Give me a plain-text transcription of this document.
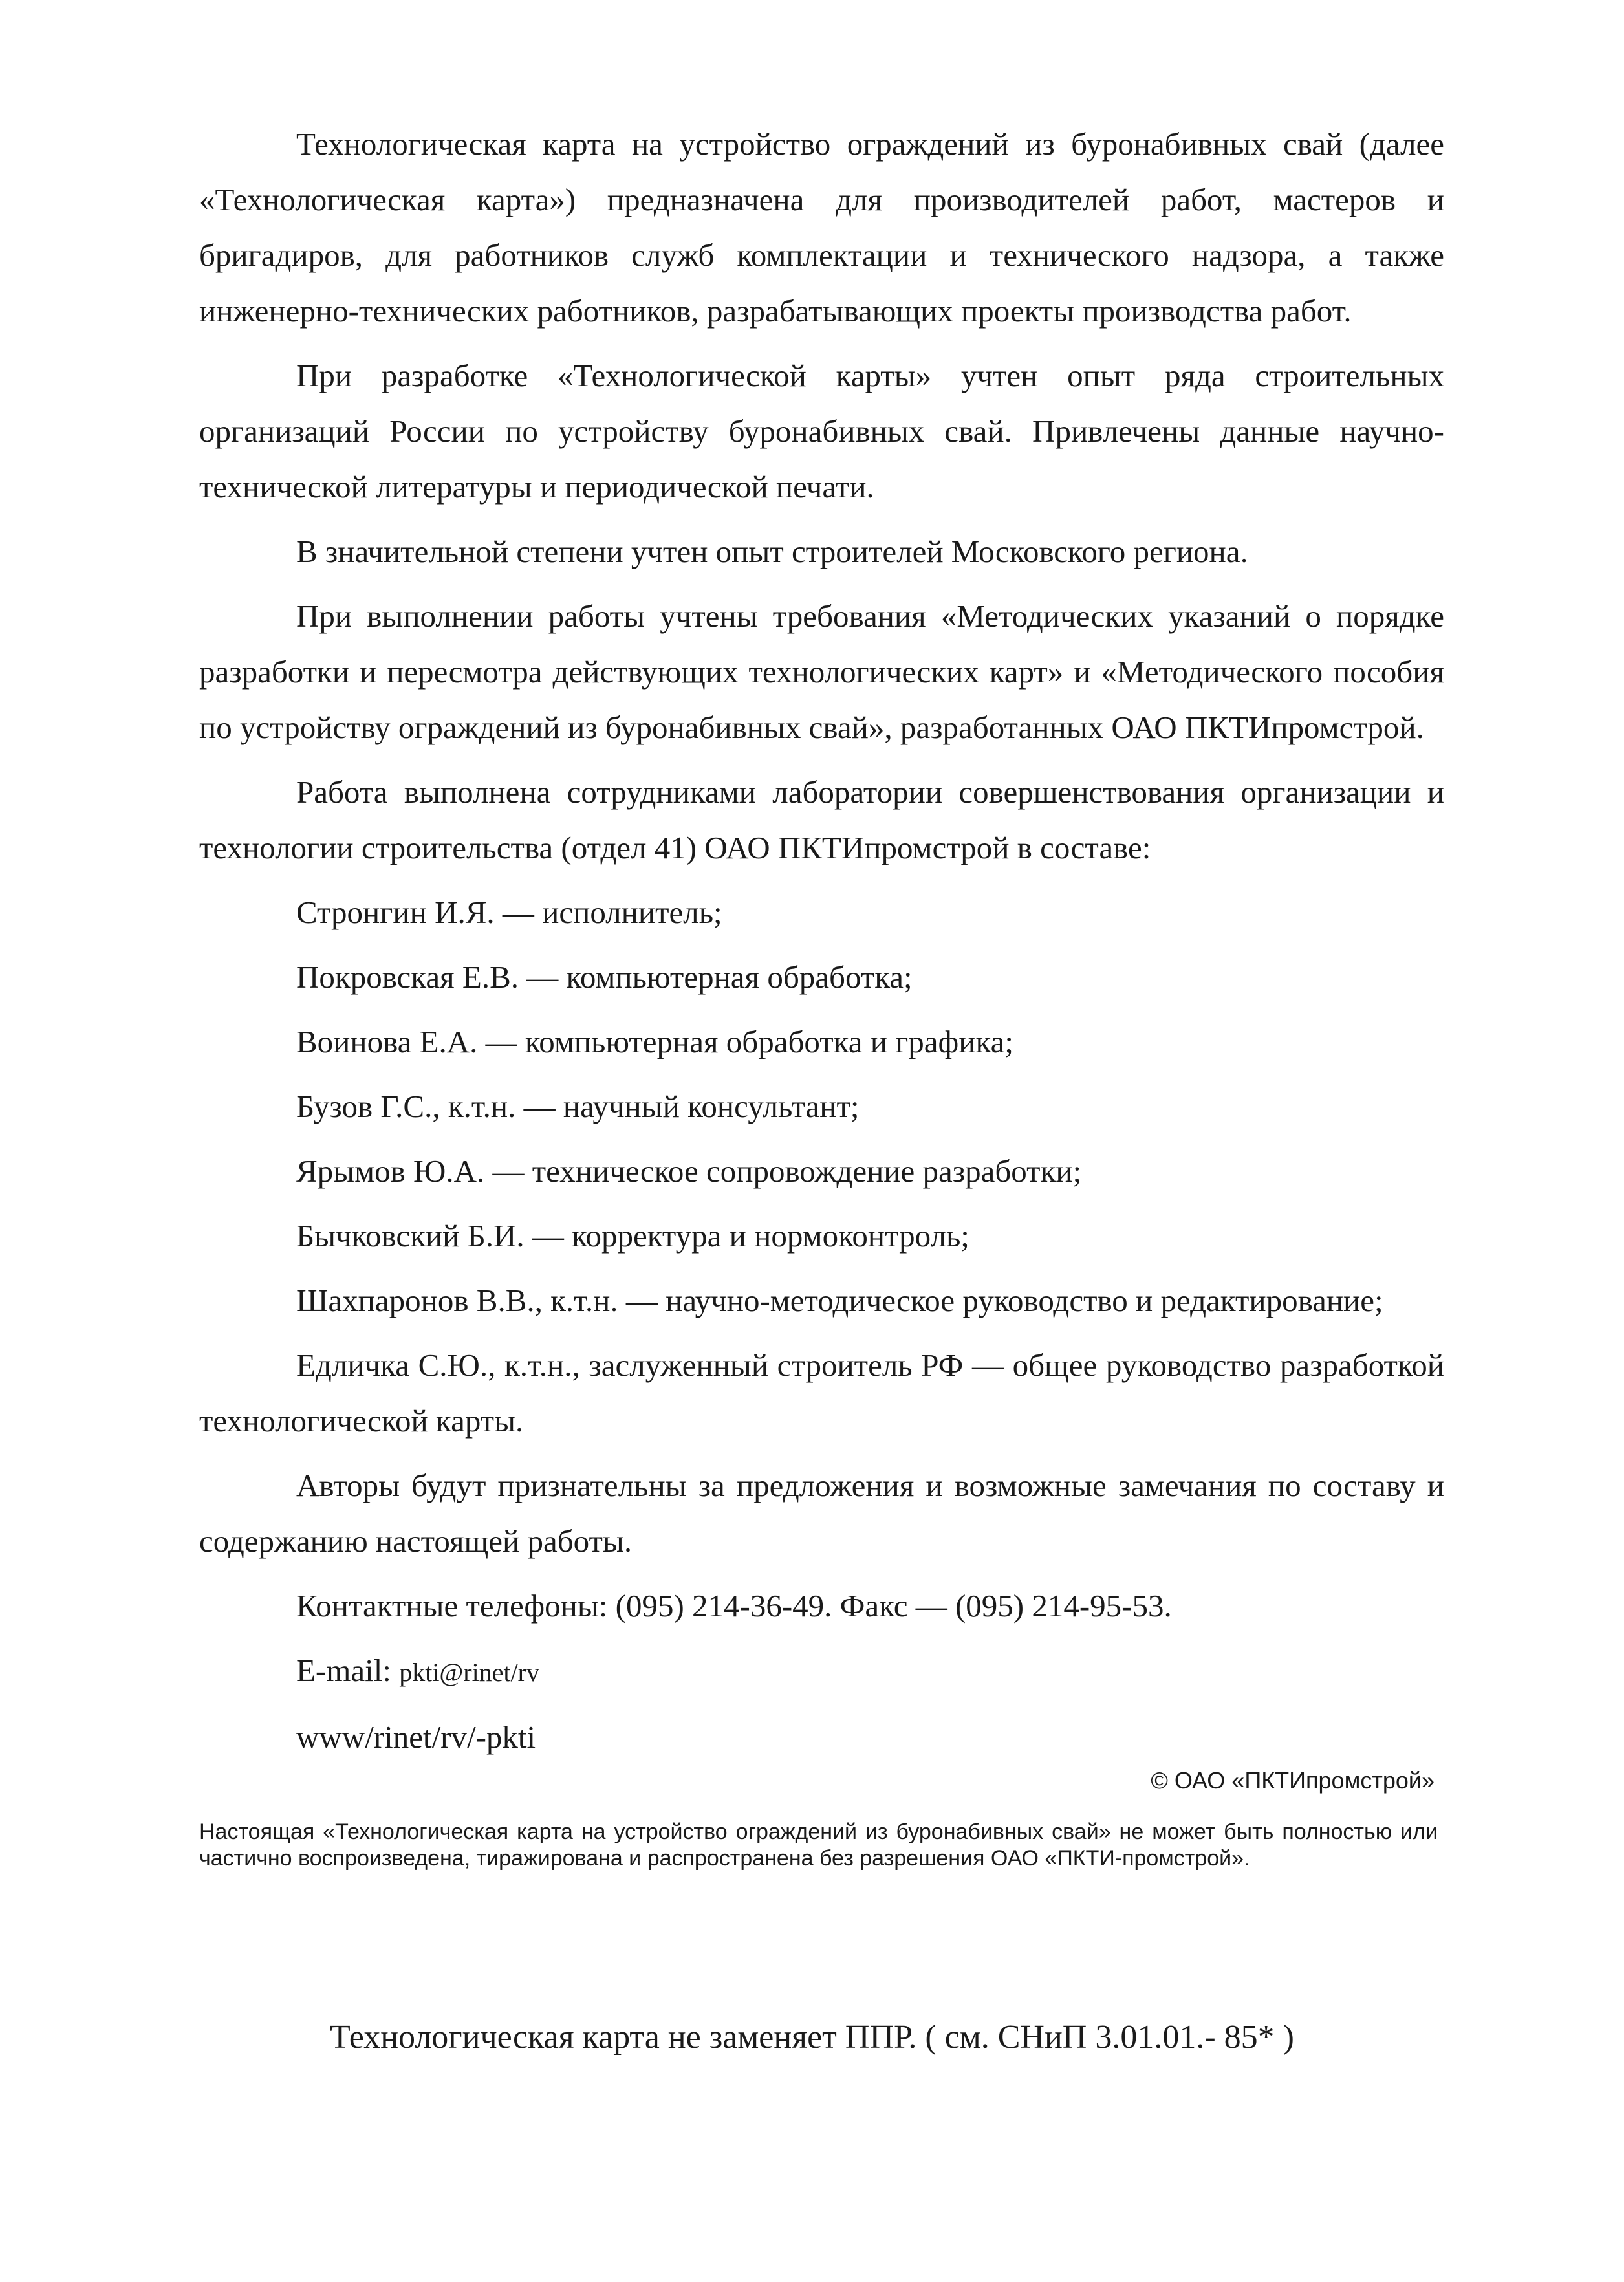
Технологическая карта на устройство ограждений из буронабивных свай (далее «Технологическая карта») предназначена для производителей работ, мастеров и бригадиров, для работников служб комплектации и технического надзора, а также инженерно-технических работников, разрабатывающих проекты производства работ.

При разработке «Технологической карты» учтен опыт ряда строительных организаций России по устройству буронабивных свай. Привлечены данные научно-технической литературы и периодической печати.

В значительной степени учтен опыт строителей Московского региона.

При выполнении работы учтены требования «Методических указаний о порядке разработки и пересмотра действующих технологических карт» и «Методического пособия по устройству ограждений из буронабивных свай», разработанных ОАО ПКТИпромстрой.

Работа выполнена сотрудниками лаборатории совершенствования организации и технологии строительства (отдел 41) ОАО ПКТИпромстрой в составе:

Стронгин И.Я. — исполнитель;

Покровская Е.В. — компьютерная обработка;

Воинова Е.А. — компьютерная обработка и графика;

Бузов Г.С., к.т.н. — научный консультант;

Ярымов Ю.А. — техническое сопровождение разработки;

Бычковский Б.И. — корректура и нормоконтроль;

Шахпаронов В.В., к.т.н. — научно-методическое руководство и редактирование;

Едличка С.Ю., к.т.н., заслуженный строитель РФ — общее руководство разработкой технологической карты.

Авторы будут признательны за предложения и возможные замечания по составу и содержанию настоящей работы.

Контактные телефоны: (095) 214-36-49. Факс — (095) 214-95-53.

E-mail: pkti@rinet/rv

www/rinet/rv/-pkti

© ОАО «ПКТИпромстрой»
Настоящая «Технологическая карта на устройство ограждений из буронабивных свай» не может быть полностью или частично воспроизведена, тиражирована и распространена без разрешения ОАО «ПКТИ-промстрой».
Технологическая карта не заменяет ППР. ( см. СНиП 3.01.01.- 85* )
